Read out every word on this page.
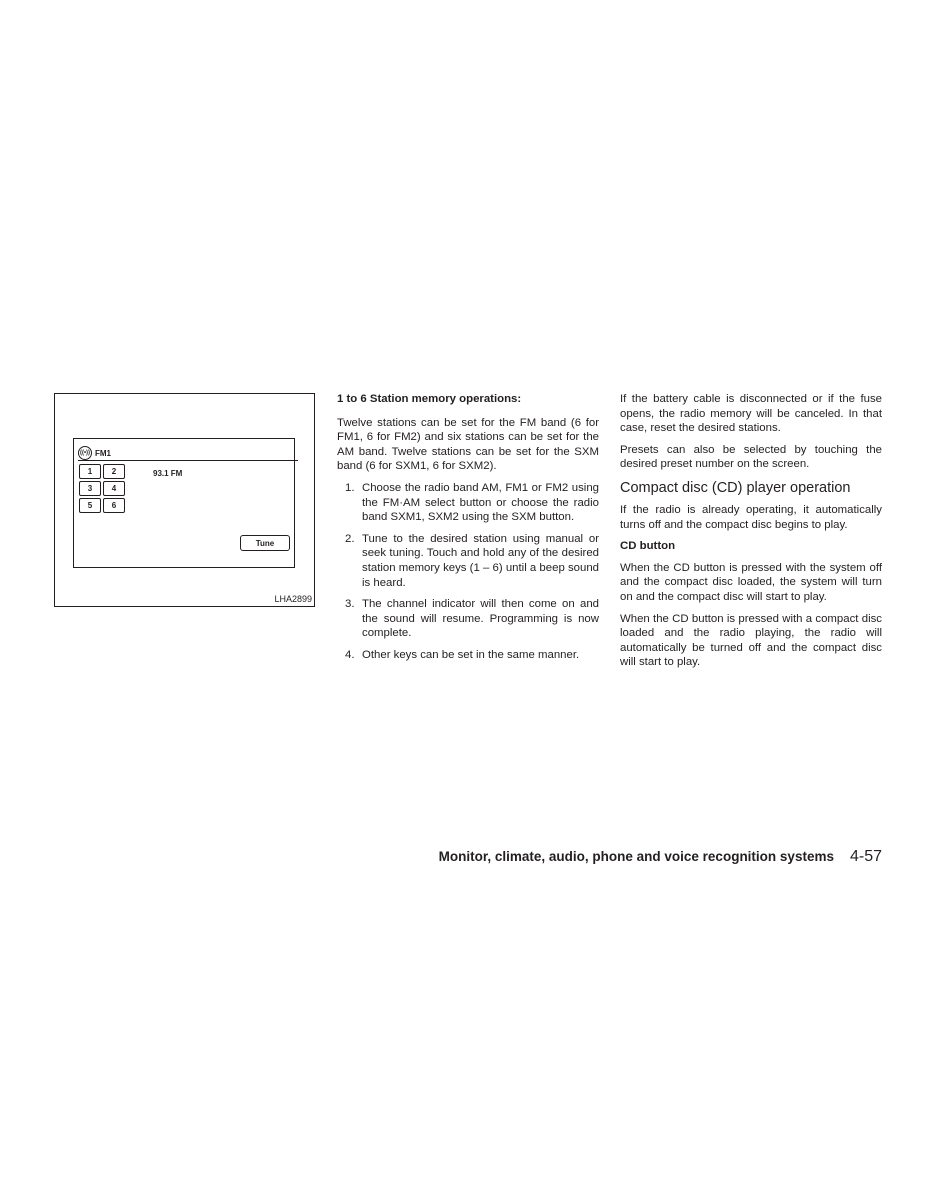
((•)) FM1
1	2
3	4
5	6
93.1 FM
Tune
LHA2899
1 to 6 Station memory operations:

Twelve stations can be set for the FM band (6 for FM1, 6 for FM2) and six stations can be set for the AM band. Twelve stations can be set for the SXM band (6 for SXM1, 6 for SXM2).

1. Choose the radio band AM, FM1 or FM2 using the FM·AM select button or choose the radio band SXM1, SXM2 using the SXM button.
2. Tune to the desired station using manual or seek tuning. Touch and hold any of the desired station memory keys (1 – 6) until a beep sound is heard.
3. The channel indicator will then come on and the sound will resume. Programming is now complete.
4. Other keys can be set in the same manner.

If the battery cable is disconnected or if the fuse opens, the radio memory will be canceled. In that case, reset the desired stations.

Presets can also be selected by touching the desired preset number on the screen.

Compact disc (CD) player operation

If the radio is already operating, it automatically turns off and the compact disc begins to play.

CD button

When the CD button is pressed with the system off and the compact disc loaded, the system will turn on and the compact disc will start to play.

When the CD button is pressed with a compact disc loaded and the radio playing, the radio will automatically be turned off and the compact disc will start to play.

Monitor, climate, audio, phone and voice recognition systems 4-57
